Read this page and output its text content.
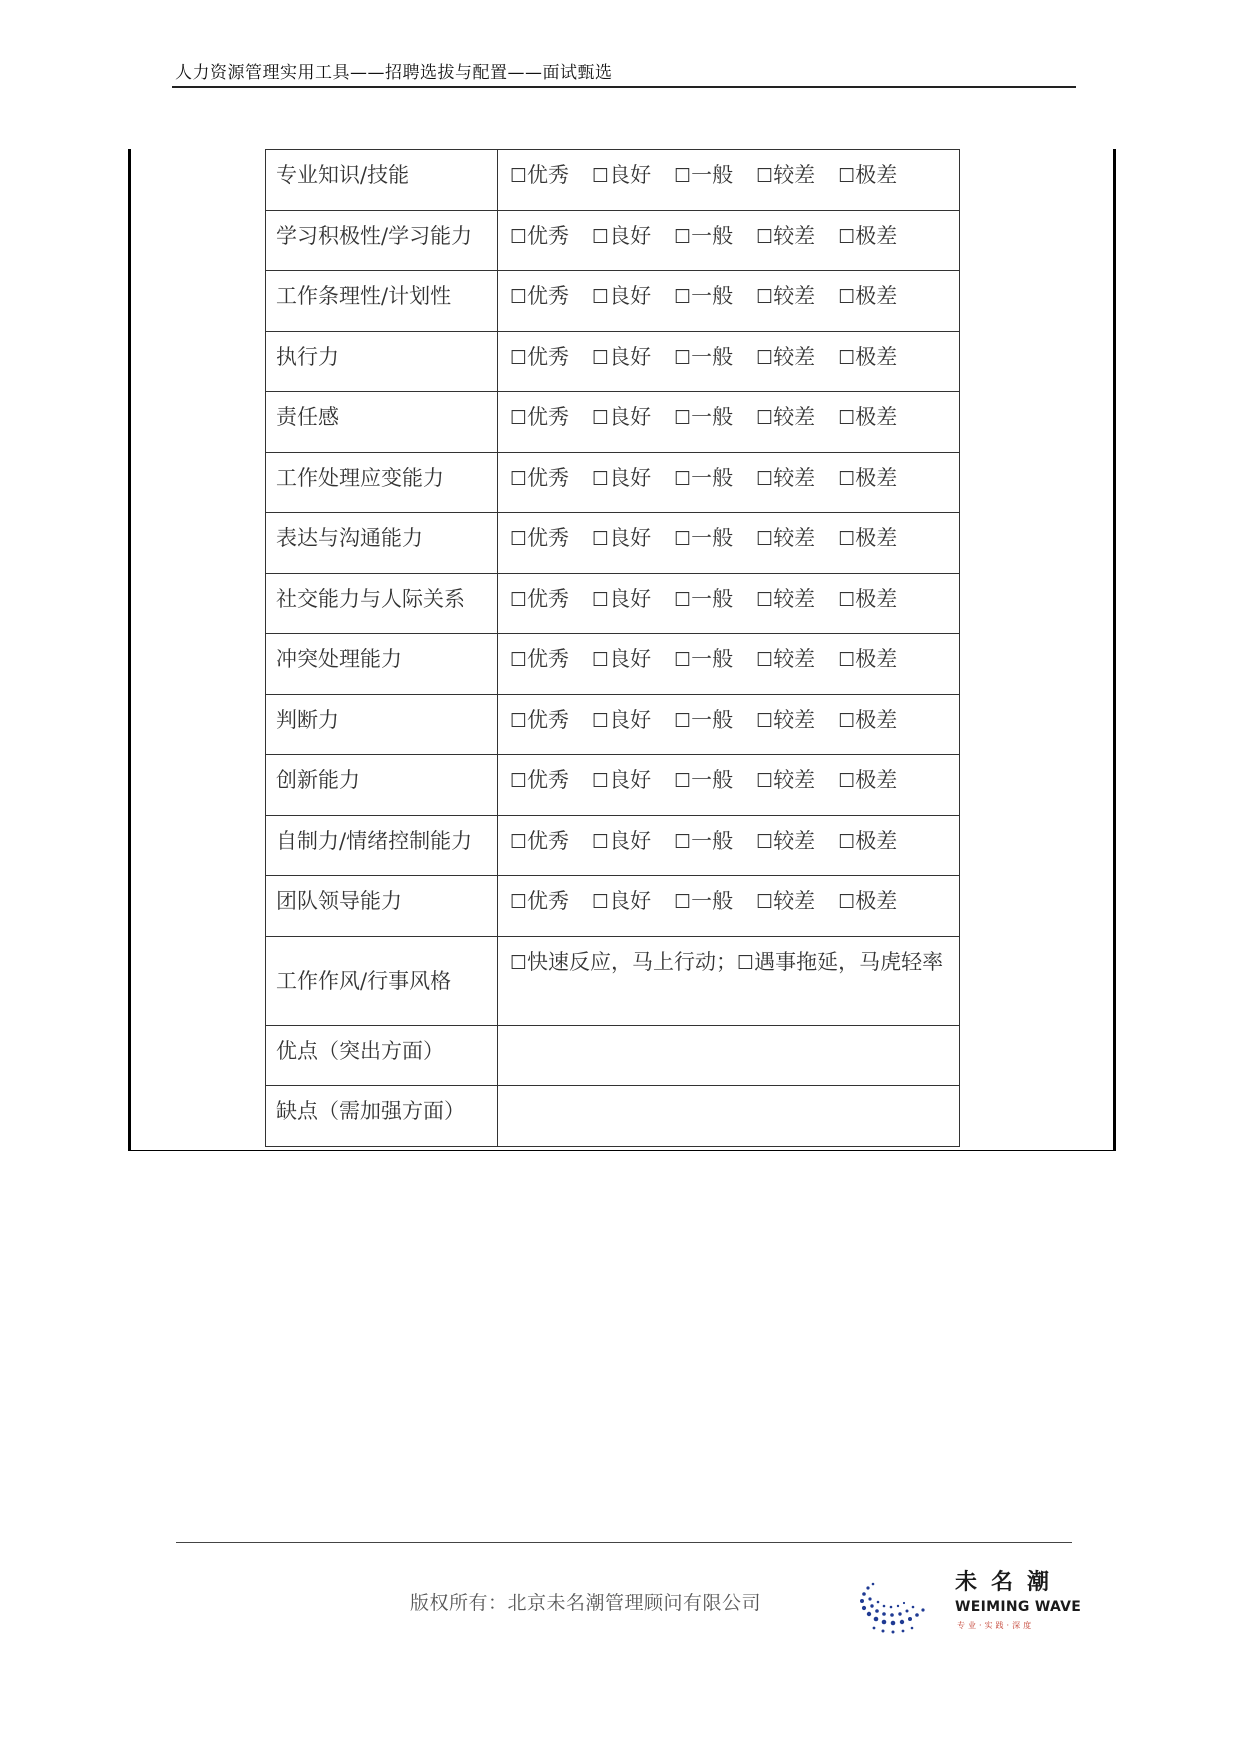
人力资源管理实用工具——招聘选拔与配置——面试甄选
专业知识/技能	☐优秀 ☐良好 ☐一般 ☐较差 ☐极差
学习积极性/学习能力	☐优秀 ☐良好 ☐一般 ☐较差 ☐极差
工作条理性/计划性	☐优秀 ☐良好 ☐一般 ☐较差 ☐极差
执行力	☐优秀 ☐良好 ☐一般 ☐较差 ☐极差
责任感	☐优秀 ☐良好 ☐一般 ☐较差 ☐极差
工作处理应变能力	☐优秀 ☐良好 ☐一般 ☐较差 ☐极差
表达与沟通能力	☐优秀 ☐良好 ☐一般 ☐较差 ☐极差
社交能力与人际关系	☐优秀 ☐良好 ☐一般 ☐较差 ☐极差
冲突处理能力	☐优秀 ☐良好 ☐一般 ☐较差 ☐极差
判断力	☐优秀 ☐良好 ☐一般 ☐较差 ☐极差
创新能力	☐优秀 ☐良好 ☐一般 ☐较差 ☐极差
自制力/情绪控制能力	☐优秀 ☐良好 ☐一般 ☐较差 ☐极差
团队领导能力	☐优秀 ☐良好 ☐一般 ☐较差 ☐极差
工作作风/行事风格	☐快速反应，马上行动；☐遇事拖延，马虎轻率
优点（突出方面）	
缺点（需加强方面）	
版权所有：北京未名潮管理顾问有限公司
未名潮
WEIMING WAVE
专业·实践·深度
